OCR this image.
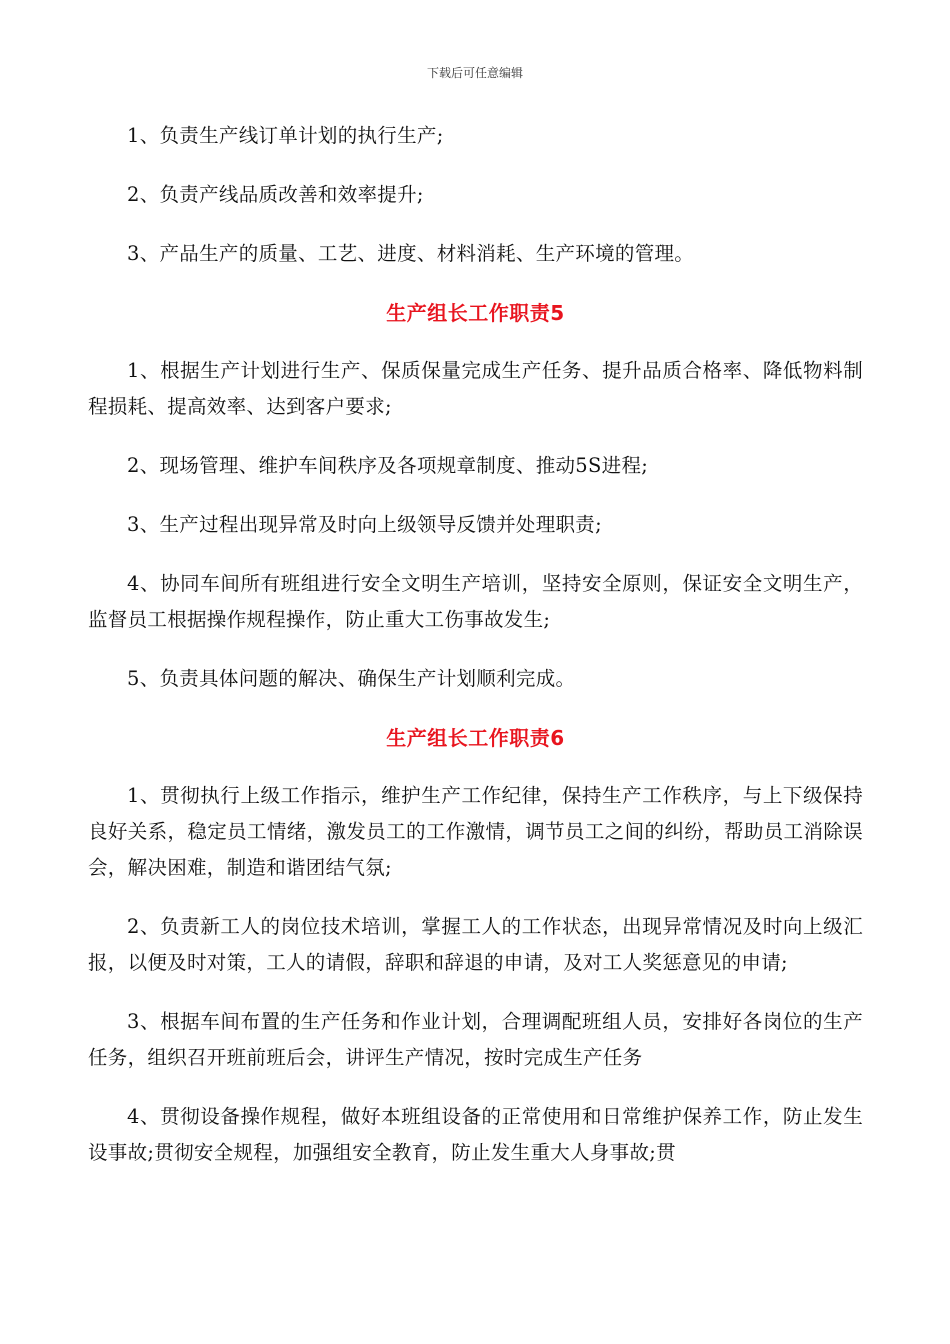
下载后可任意编辑

1、负责生产线订单计划的执行生产;

2、负责产线品质改善和效率提升;

3、产品生产的质量、工艺、进度、材料消耗、生产环境的管理。

生产组长工作职责5

1、根据生产计划进行生产、保质保量完成生产任务、提升品质合格率、降低物料制程损耗、提高效率、达到客户要求;

2、现场管理、维护车间秩序及各项规章制度、推动5S进程;

3、生产过程出现异常及时向上级领导反馈并处理职责;

4、协同车间所有班组进行安全文明生产培训，坚持安全原则，保证安全文明生产，监督员工根据操作规程操作，防止重大工伤事故发生;

5、负责具体问题的解决、确保生产计划顺利完成。

生产组长工作职责6

1、贯彻执行上级工作指示，维护生产工作纪律，保持生产工作秩序，与上下级保持良好关系，稳定员工情绪，激发员工的工作激情，调节员工之间的纠纷，帮助员工消除误会，解决困难，制造和谐团结气氛;

2、负责新工人的岗位技术培训，掌握工人的工作状态，出现异常情况及时向上级汇报，以便及时对策，工人的请假，辞职和辞退的申请，及对工人奖惩意见的申请;

3、根据车间布置的生产任务和作业计划，合理调配班组人员，安排好各岗位的生产任务，组织召开班前班后会，讲评生产情况，按时完成生产任务

4、贯彻设备操作规程，做好本班组设备的正常使用和日常维护保养工作，防止发生设事故;贯彻安全规程，加强组安全教育，防止发生重大人身事故;贯
